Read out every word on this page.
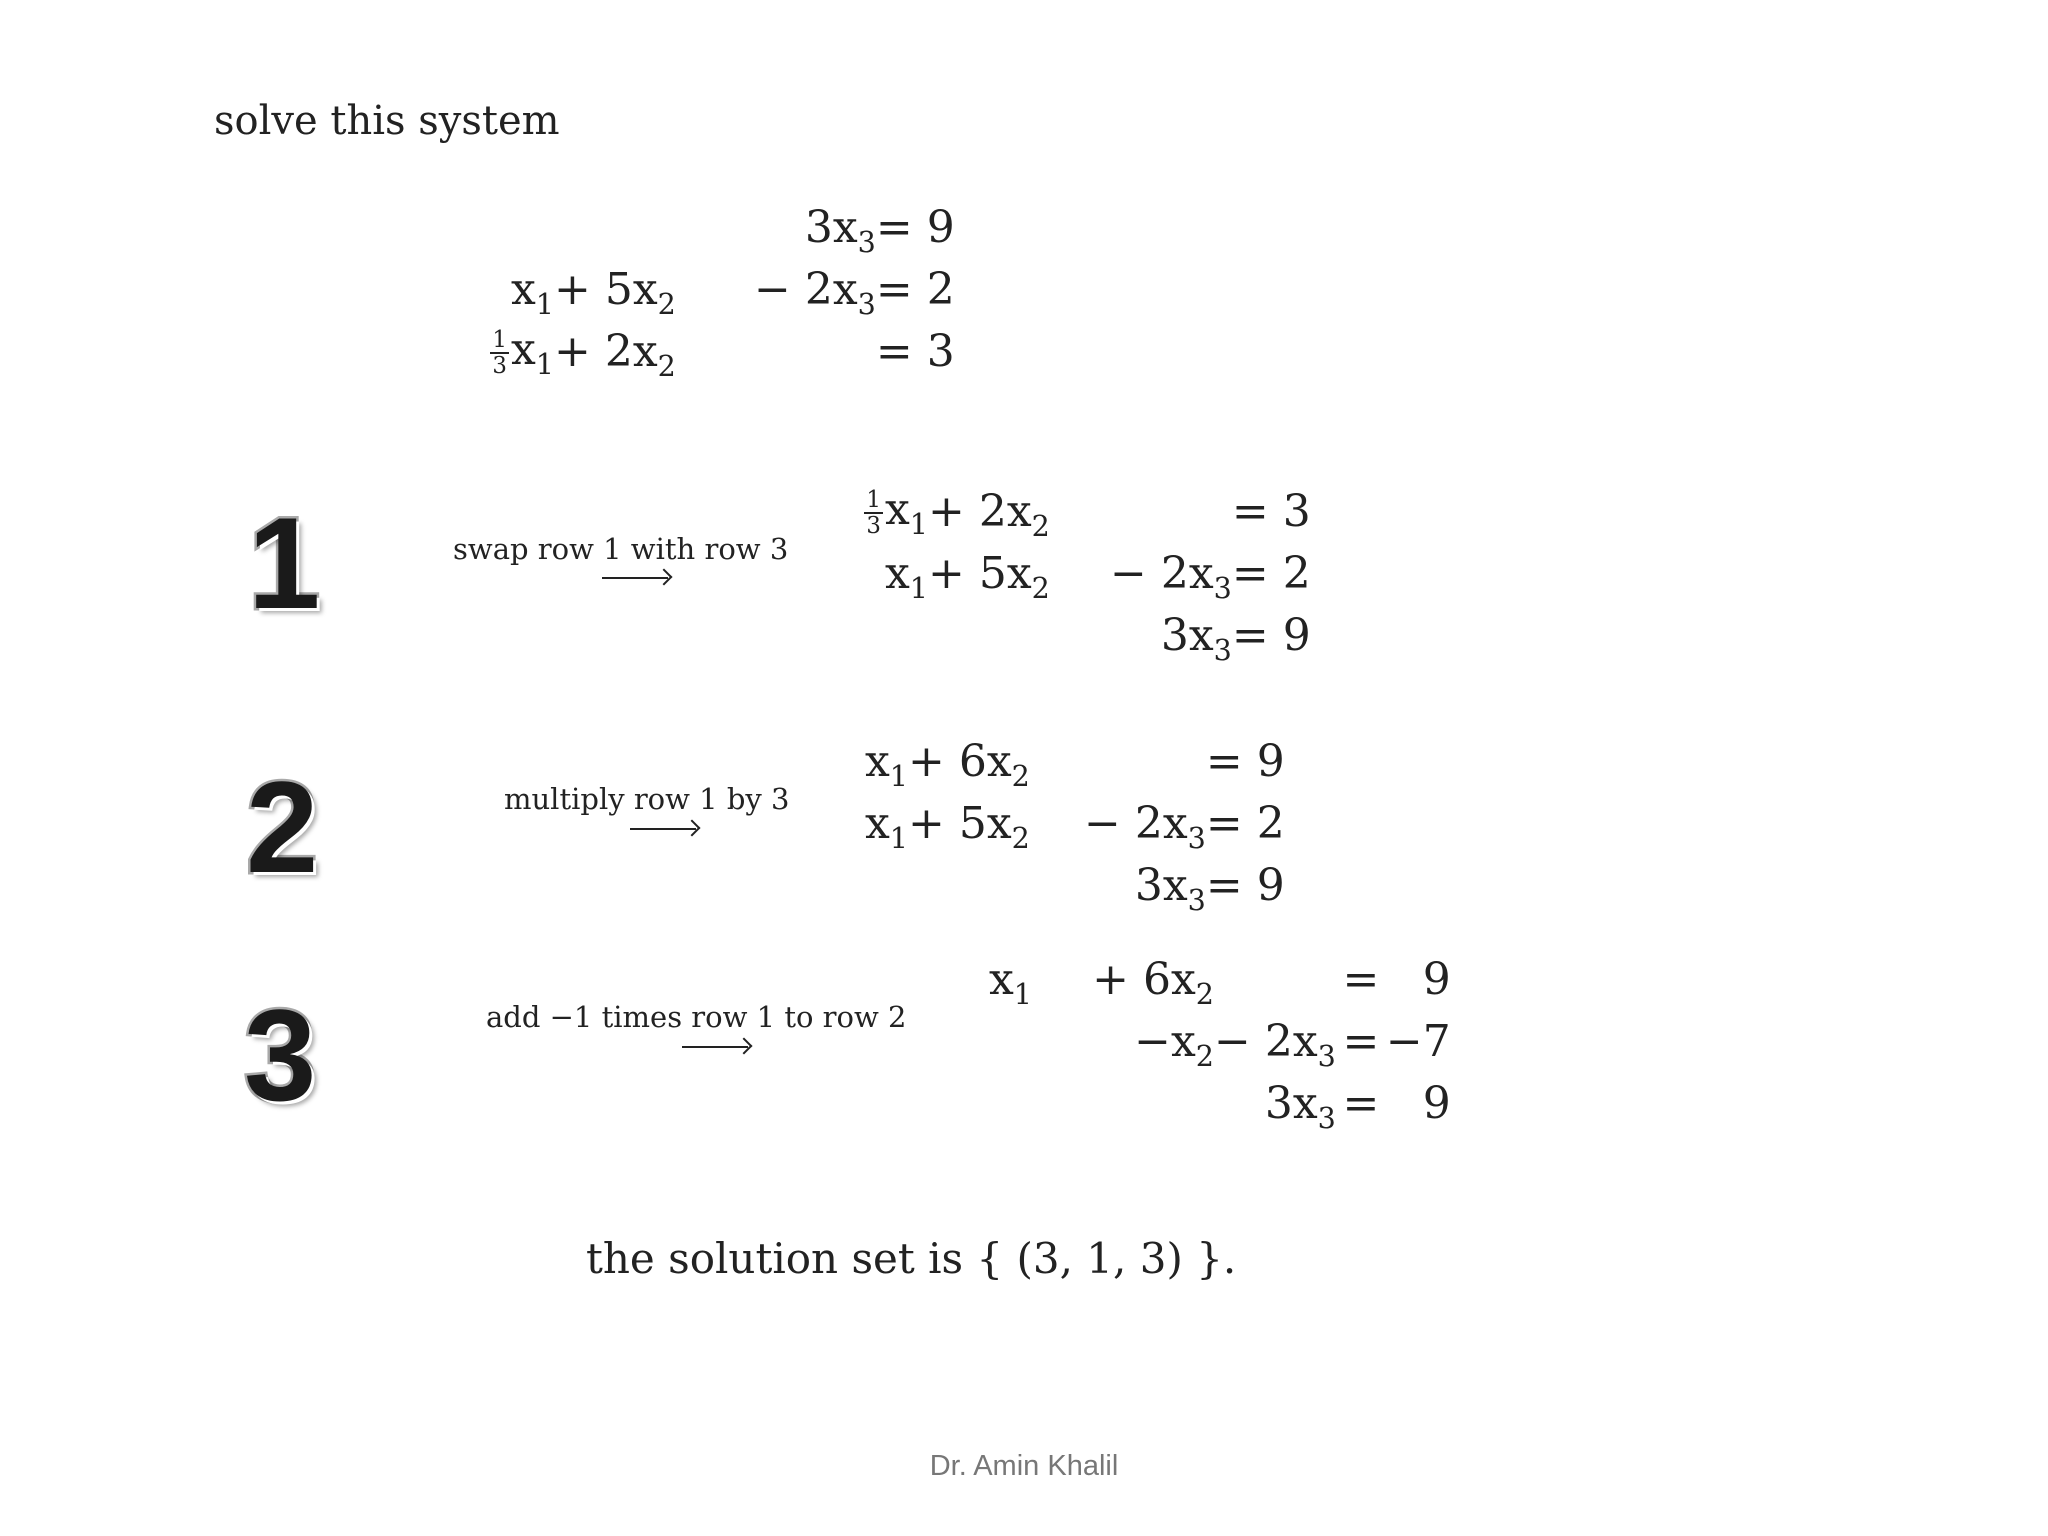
solve this system
		$3x_3$	= 9
$x_1$	+ $5x_2$	− $2x_3$	= 2

$\frac{1}{3} x_1$	+ $2x_2$		= 3
1	swap row 1 with row 3
$\frac{1}{3} x_1$	+ $2x_2$		= 3
$x_1$	+ $5x_2$	− $2x_3$	= 2
		$3x_3$	= 9
2	multiply row 1 by 3
$x_1$	+ $6x_2$		= 9
$x_1$	+ $5x_2$	− $2x_3$	= 2
		$3x_3$	= 9
3	add −1 times row 1 to row 2
$x_1$	+ $6x_2$		=	9
	$-x_2$	− $2x_3$	=	−7
		$3x_3$	=	9
the solution set is { (3, 1, 3) }.
Dr. Amin Khalil
